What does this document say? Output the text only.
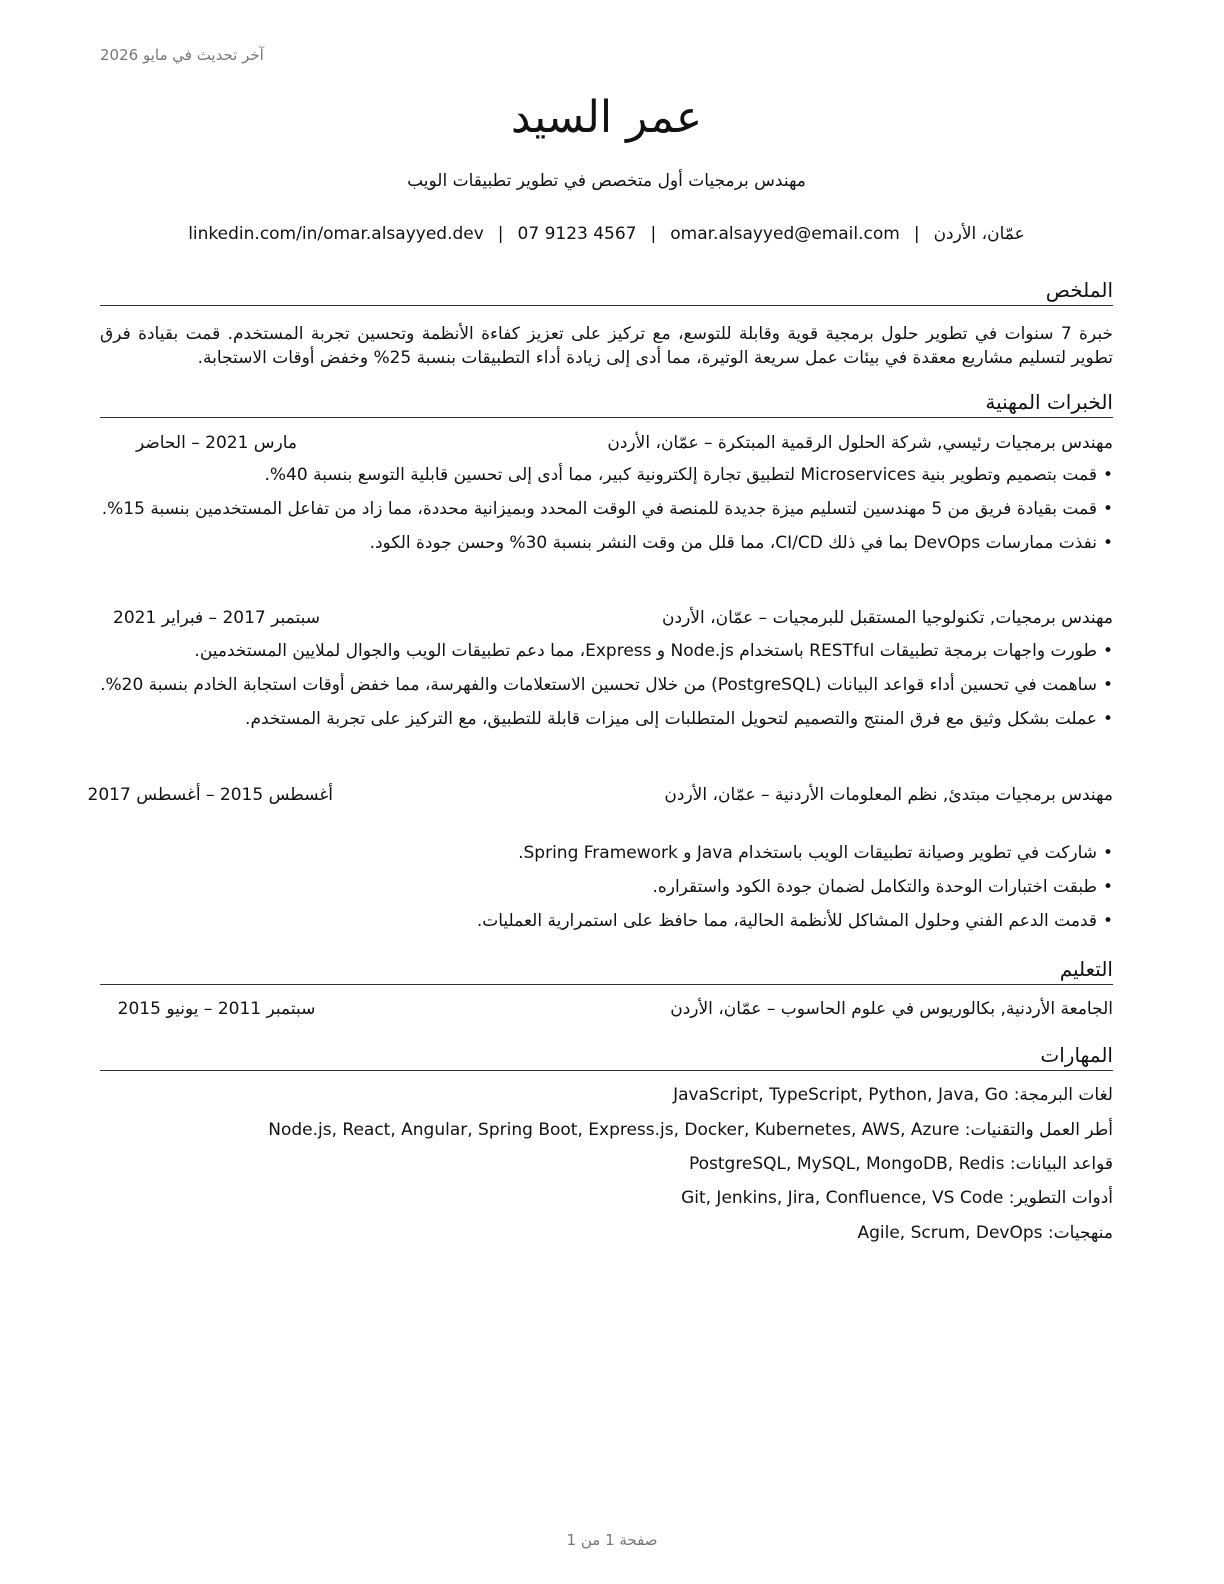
آخر تحديث في مايو 2026
عمر السيد
مهندس برمجيات أول متخصص في تطوير تطبيقات الويب
عمّان، الأردن|omar.alsayyed@email.com|07 9123 4567|linkedin.com/in/omar.alsayyed.dev
الملخص
خبرة 7 سنوات في تطوير حلول برمجية قوية وقابلة للتوسع، مع تركيز على تعزيز كفاءة الأنظمة وتحسين تجربة المستخدم. قمت بقيادة فرق تطوير لتسليم مشاريع معقدة في بيئات عمل سريعة الوتيرة، مما أدى إلى زيادة أداء التطبيقات بنسبة 25% وخفض أوقات الاستجابة.
الخبرات المهنية
مهندس برمجيات رئيسي, شركة الحلول الرقمية المبتكرة – عمّان، الأردن
مارس 2021 – الحاضر
• قمت بتصميم وتطوير بنية Microservices لتطبيق تجارة إلكترونية كبير، مما أدى إلى تحسين قابلية التوسع بنسبة 40%.
• قمت بقيادة فريق من 5 مهندسين لتسليم ميزة جديدة للمنصة في الوقت المحدد وبميزانية محددة، مما زاد من تفاعل المستخدمين بنسبة 15%.
• نفذت ممارسات DevOps بما في ذلك CI/CD، مما قلل من وقت النشر بنسبة 30% وحسن جودة الكود.
مهندس برمجيات, تكنولوجيا المستقبل للبرمجيات – عمّان، الأردن
سبتمبر 2017 – فبراير 2021
• طورت واجهات برمجة تطبيقات RESTful باستخدام Node.js و Express، مما دعم تطبيقات الويب والجوال لملايين المستخدمين.
• ساهمت في تحسين أداء قواعد البيانات (PostgreSQL) من خلال تحسين الاستعلامات والفهرسة، مما خفض أوقات استجابة الخادم بنسبة 20%.
• عملت بشكل وثيق مع فرق المنتج والتصميم لتحويل المتطلبات إلى ميزات قابلة للتطبيق، مع التركيز على تجربة المستخدم.
مهندس برمجيات مبتدئ, نظم المعلومات الأردنية – عمّان، الأردن
أغسطس 2015 – أغسطس 2017
• شاركت في تطوير وصيانة تطبيقات الويب باستخدام Java و Spring Framework.
• طبقت اختبارات الوحدة والتكامل لضمان جودة الكود واستقراره.
• قدمت الدعم الفني وحلول المشاكل للأنظمة الحالية، مما حافظ على استمرارية العمليات.
التعليم
الجامعة الأردنية, بكالوريوس في علوم الحاسوب – عمّان، الأردن
سبتمبر 2011 – يونيو 2015
المهارات
لغات البرمجة: JavaScript, TypeScript, Python, Java, Go
أطر العمل والتقنيات: Node.js, React, Angular, Spring Boot, Express.js, Docker, Kubernetes, AWS, Azure
قواعد البيانات: PostgreSQL, MySQL, MongoDB, Redis
أدوات التطوير: Git, Jenkins, Jira, Confluence, VS Code
منهجيات: Agile, Scrum, DevOps
صفحة 1 من 1
